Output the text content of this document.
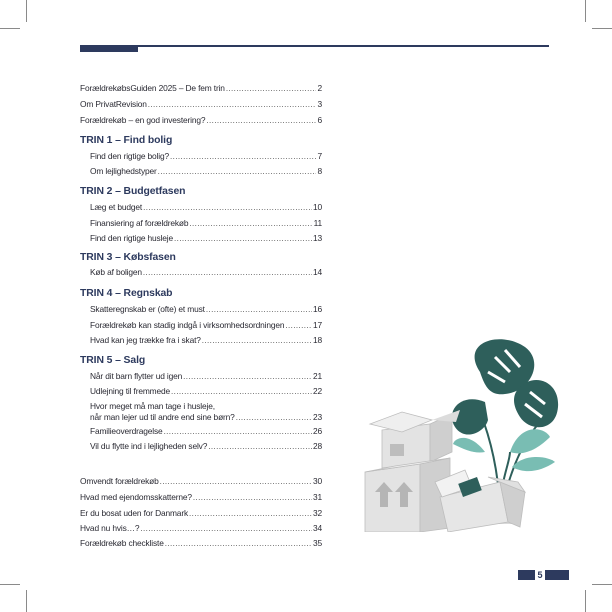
ForældrekøbsGuiden 2025 – De fem trin .....	2
Om PrivatRevision .....	3
Forældrekøb – en god investering? .....	6
TRIN 1 – Find bolig
Find den rigtige bolig? .....	7
Om lejlighedstyper .....	8
TRIN 2 – Budgetfasen
Læg et budget .....	10
Finansiering af forældrekøb .....	11
Find den rigtige husleje .....	13
TRIN 3 – Købsfasen
Køb af boligen .....	14
TRIN 4 – Regnskab
Skatteregnskab er (ofte) et must .....	16
Forældrekøb kan stadig indgå i virksomhedsordningen .....	17
Hvad kan jeg trække fra i skat? .....	18
TRIN 5 – Salg
Når dit barn flytter ud igen .....	21
Udlejning til fremmede .....	22
Hvor meget må man tage i husleje,
når man lejer ud til andre end sine børn? .....	23
Familieoverdragelse .....	26
Vil du flytte ind i lejligheden selv? .....	28
Omvendt forældrekøb .....	30
Hvad med ejendomsskatterne? .....	31
Er du bosat uden for Danmark .....	32
Hvad nu hvis…? .....	34
Forældrekøb checkliste .....	35
5
